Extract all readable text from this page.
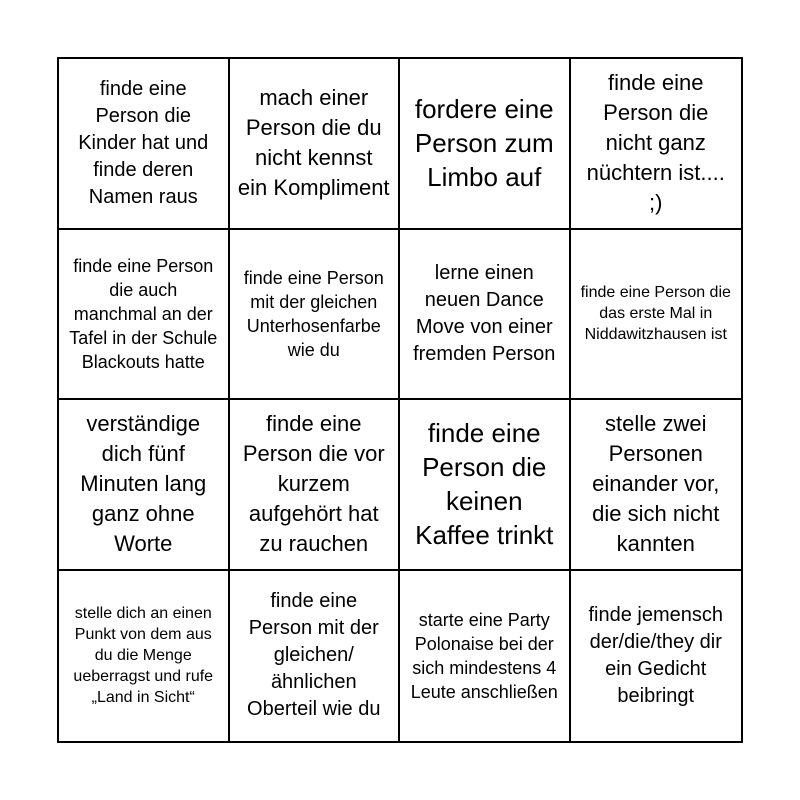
finde eine Person die Kinder hat und finde deren Namen raus
mach einer Person die du nicht kennst ein Kompliment
fordere eine Person zum Limbo auf
finde eine Person die nicht ganz nüchtern ist.... ;)
finde eine Person die auch manchmal an der Tafel in der Schule Blackouts hatte
finde eine Person mit der gleichen Unterhosenfarbe wie du
lerne einen neuen Dance Move von einer fremden Person
finde eine Person die das erste Mal in Niddawitzhausen ist
verständige dich fünf Minuten lang ganz ohne Worte
finde eine Person die vor kurzem aufgehört hat zu rauchen
finde eine Person die keinen Kaffee trinkt
stelle zwei Personen einander vor, die sich nicht kannten
stelle dich an einen Punkt von dem aus du die Menge ueberragst und rufe „Land in Sicht“
finde eine Person mit der gleichen/ ähnlichen Oberteil wie du
starte eine Party Polonaise bei der sich mindestens 4 Leute anschließen
finde jemensch der/die/they dir ein Gedicht beibringt
